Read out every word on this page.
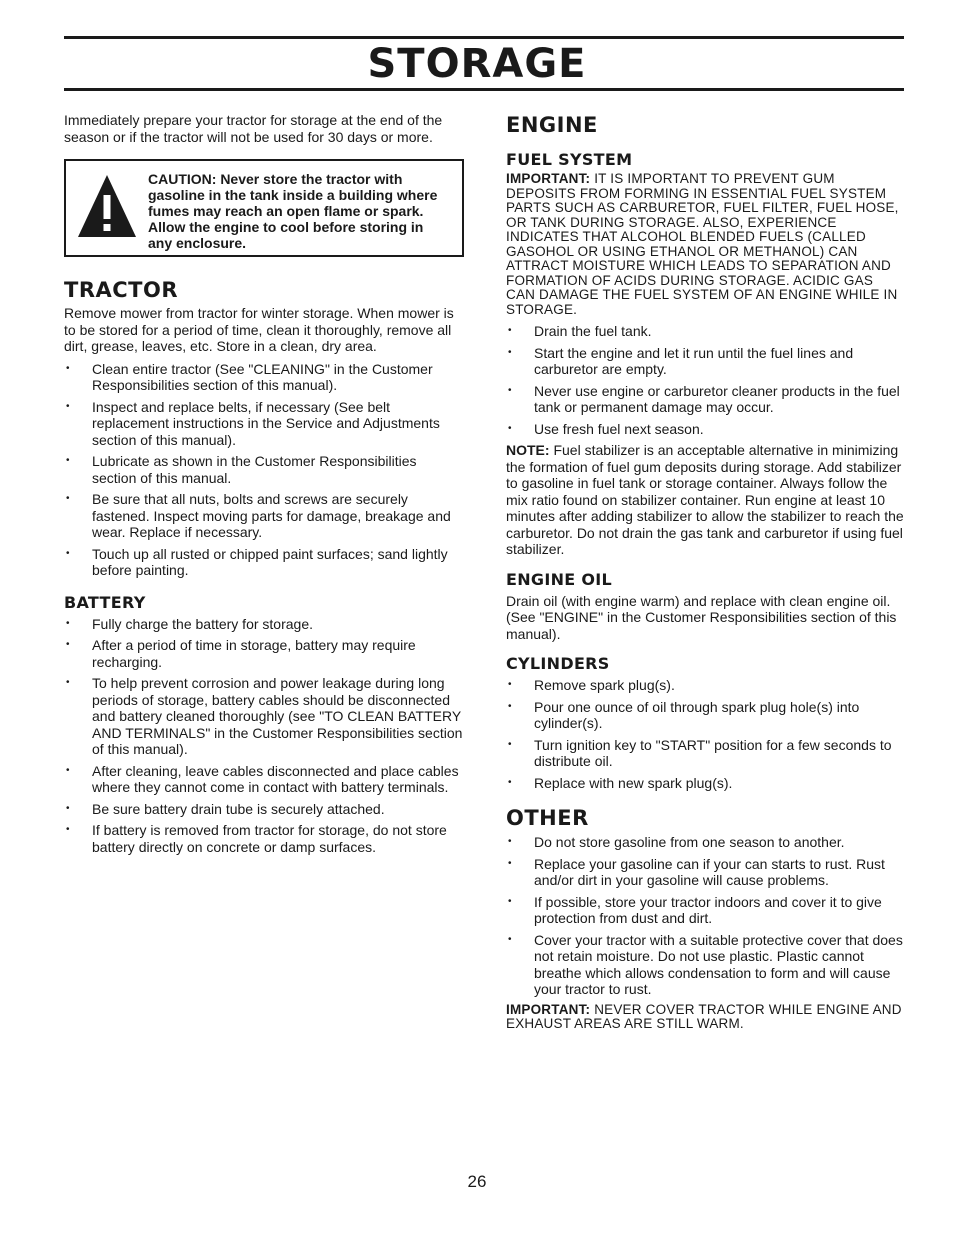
STORAGE

Immediately prepare your tractor for storage at the end of the season or if the tractor will not be used for 30 days or more.

CAUTION: Never store the tractor with gasoline in the tank inside a building where fumes may reach an open flame or spark. Allow the engine to cool before storing in any enclosure.

TRACTOR

Remove mower from tractor for winter storage. When mower is to be stored for a period of time, clean it thoroughly, remove all dirt, grease, leaves, etc. Store in a clean, dry area.

• Clean entire tractor (See "CLEANING" in the Customer Responsibilities section of this manual).
• Inspect and replace belts, if necessary (See belt replacement instructions in the Service and Adjustments section of this manual).
• Lubricate as shown in the Customer Responsibilities section of this manual.
• Be sure that all nuts, bolts and screws are securely fastened. Inspect moving parts for damage, breakage and wear. Replace if necessary.
• Touch up all rusted or chipped paint surfaces; sand lightly before painting.
BATTERY
• Fully charge the battery for storage.
• After a period of time in storage, battery may require recharging.
• To help prevent corrosion and power leakage during long periods of storage, battery cables should be disconnected and battery cleaned thoroughly (see "TO CLEAN BATTERY AND TERMINALS" in the Customer Responsibilities section of this manual).
• After cleaning, leave cables disconnected and place cables where they cannot come in contact with battery terminals.
• Be sure battery drain tube is securely attached.
• If battery is removed from tractor for storage, do not store battery directly on concrete or damp surfaces.
ENGINE
FUEL SYSTEM

IMPORTANT: IT IS IMPORTANT TO PREVENT GUM DEPOSITS FROM FORMING IN ESSENTIAL FUEL SYSTEM PARTS SUCH AS CARBURETOR, FUEL FILTER, FUEL HOSE, OR TANK DURING STORAGE. ALSO, EXPERIENCE INDICATES THAT ALCOHOL BLENDED FUELS (CALLED GASOHOL OR USING ETHANOL OR METHANOL) CAN ATTRACT MOISTURE WHICH LEADS TO SEPARATION AND FORMATION OF ACIDS DURING STORAGE. ACIDIC GAS CAN DAMAGE THE FUEL SYSTEM OF AN ENGINE WHILE IN STORAGE.

• Drain the fuel tank.
• Start the engine and let it run until the fuel lines and carburetor are empty.
• Never use engine or carburetor cleaner products in the fuel tank or permanent damage may occur.
• Use fresh fuel next season.

NOTE: Fuel stabilizer is an acceptable alternative in minimizing the formation of fuel gum deposits during storage. Add stabilizer to gasoline in fuel tank or storage container. Always follow the mix ratio found on stabilizer container. Run engine at least 10 minutes after adding stabilizer to allow the stabilizer to reach the carburetor. Do not drain the gas tank and carburetor if using fuel stabilizer.

ENGINE OIL

Drain oil (with engine warm) and replace with clean engine oil. (See "ENGINE" in the Customer Responsibilities section of this manual).

CYLINDERS
• Remove spark plug(s).
• Pour one ounce of oil through spark plug hole(s) into cylinder(s).
• Turn ignition key to "START" position for a few seconds to distribute oil.
• Replace with new spark plug(s).
OTHER
• Do not store gasoline from one season to another.
• Replace your gasoline can if your can starts to rust. Rust and/or dirt in your gasoline will cause problems.
• If possible, store your tractor indoors and cover it to give protection from dust and dirt.
• Cover your tractor with a suitable protective cover that does not retain moisture. Do not use plastic. Plastic cannot breathe which allows condensation to form and will cause your tractor to rust.

IMPORTANT: NEVER COVER TRACTOR WHILE ENGINE AND EXHAUST AREAS ARE STILL WARM.

26
